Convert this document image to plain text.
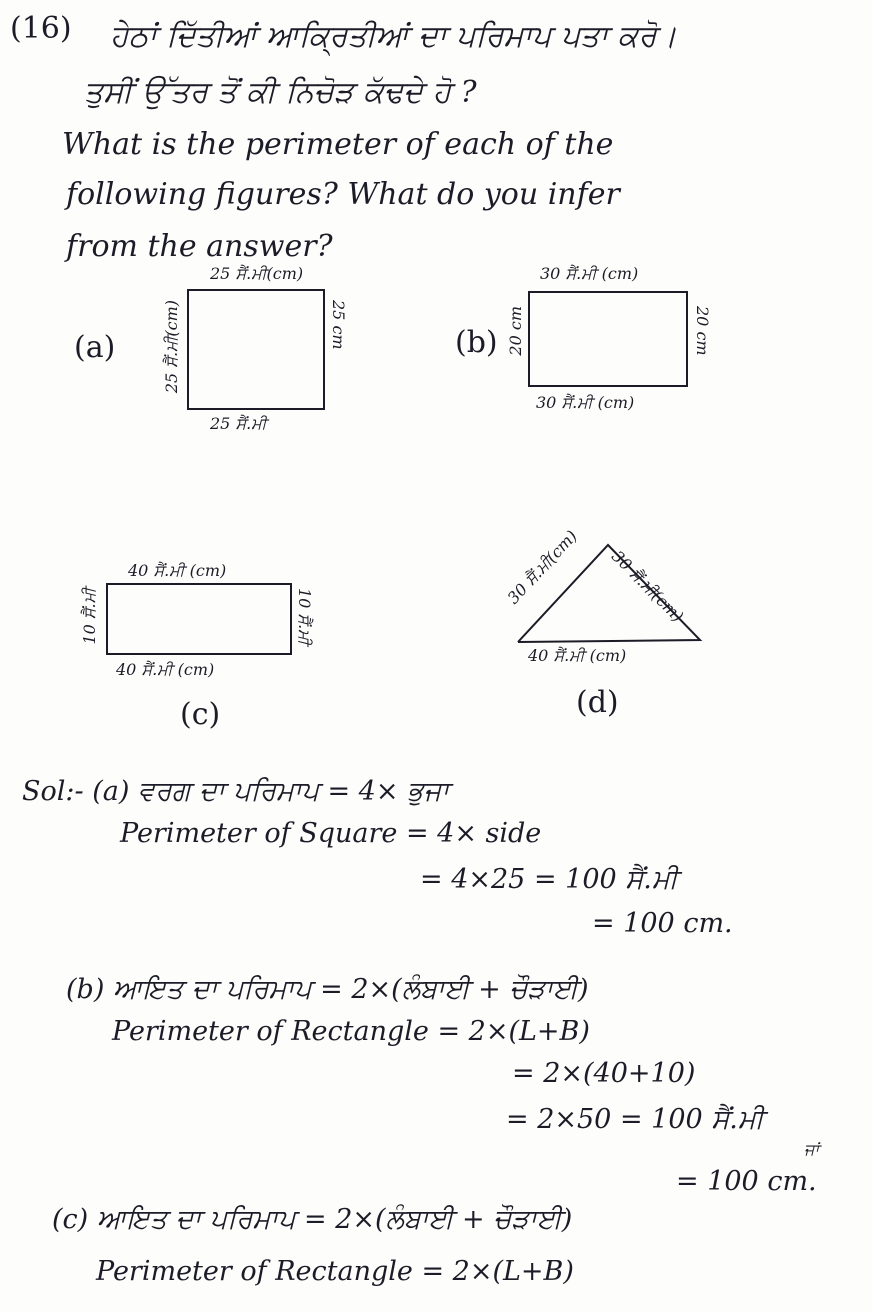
(16) ਹੇਠਾਂ ਦਿੱਤੀਆਂ ਆਕ੍ਰਿਤੀਆਂ ਦਾ ਪਰਿਮਾਪ ਪਤਾ ਕਰੋ।
ਤੁਸੀਂ ਉੱਤਰ ਤੋਂ ਕੀ ਨਿਚੋੜ ਕੱਢਦੇ ਹੋ ?
What is the perimeter of each of the
following figures? What do you infer
from the answer?
(a)
25 ਸੈਂ.ਮੀ(cm)
25 ਸੈਂ.ਮੀ
25 cm
25 ਸੈਂ.ਮੀ(cm)	(b)
30 ਸੈਂ.ਮੀ (cm)
30 ਸੈਂ.ਮੀ (cm)
20 cm
20 cm
40 ਸੈਂ.ਮੀ (cm)
40 ਸੈਂ.ਮੀ (cm)
10 ਸੈਂ.ਮੀ
10 ਸੈਂ.ਮੀ
(c)
30 ਸੈਂ.ਮੀ(cm) 30 ਸੈਂ.ਮੀ(cm)
40 ਸੈਂ.ਮੀ (cm)
(d)
Sol:- (a) ਵਰਗ ਦਾ ਪਰਿਮਾਪ = 4× ਭੁਜਾ
Perimeter of Square = 4× side
= 4×25 = 100 ਸੈਂ.ਮੀ
= 100 cm.
(b) ਆਇਤ ਦਾ ਪਰਿਮਾਪ = 2×(ਲੰਬਾਈ + ਚੌੜਾਈ)
Perimeter of Rectangle = 2×(L+B)
= 2×(40+10)
= 2×50 = 100 ਸੈਂ.ਮੀ
ਜਾਂ
= 100 cm.
(c) ਆਇਤ ਦਾ ਪਰਿਮਾਪ = 2×(ਲੰਬਾਈ + ਚੌੜਾਈ)
Perimeter of Rectangle = 2×(L+B)
